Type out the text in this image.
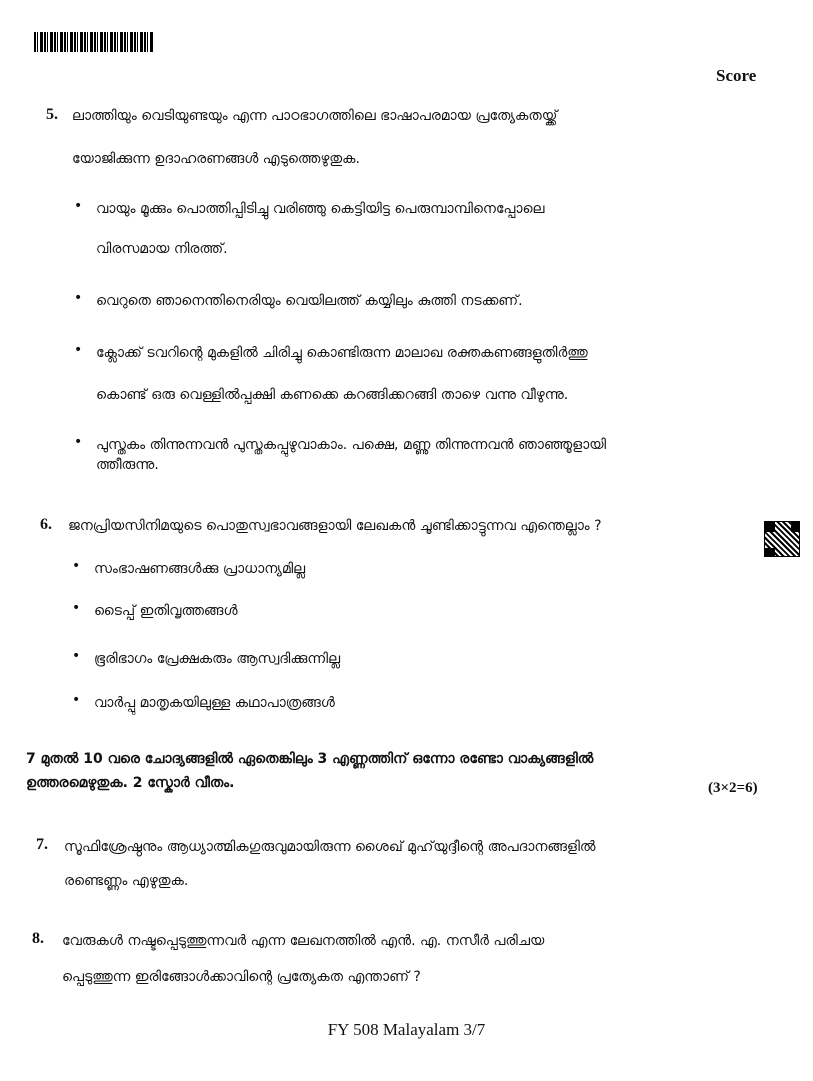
Score
5. ലാത്തിയും വെടിയുണ്ടയും എന്ന പാഠഭാഗത്തിലെ ഭാഷാപരമായ പ്രത്യേകതയ്ക്ക്
യോജിക്കുന്ന ഉദാഹരണങ്ങൾ എടുത്തെഴുതുക.
• വായും മൂക്കും പൊത്തിപ്പിടിച്ചു വരിഞ്ഞു കെട്ടിയിട്ട പെരുമ്പാമ്പിനെപ്പോലെ
വിരസമായ നിരത്ത്.
• വെറുതെ ഞാനെന്തിനെരിയും വെയിലത്ത് കയ്യിലും കുത്തി നടക്കണ്.
• ക്ലോക്ക് ടവറിന്റെ മുകളിൽ ചിരിച്ചു കൊണ്ടിരുന്ന മാലാഖ രക്തകണങ്ങളുതിർത്തു
കൊണ്ട് ഒരു വെള്ളിൽപ്പക്ഷി കണക്കെ കറങ്ങിക്കറങ്ങി താഴെ വന്നു വീഴുന്നു.
• പുസ്തകം തിന്നുന്നവൻ പുസ്തകപ്പുഴുവാകാം. പക്ഷെ, മണ്ണു തിന്നുന്നവൻ ഞാഞ്ഞൂളായി
ത്തീരുന്നു.
6. ജനപ്രിയസിനിമയുടെ പൊതുസ്വഭാവങ്ങളായി ലേഖകൻ ചൂണ്ടിക്കാട്ടുന്നവ എന്തെല്ലാം ?
• സംഭാഷണങ്ങൾക്കു പ്രാധാന്യമില്ല
• ടൈപ്പ് ഇതിവൃത്തങ്ങൾ
• ഭൂരിഭാഗം പ്രേക്ഷകരും ആസ്വദിക്കുന്നില്ല
• വാർപ്പു മാതൃകയിലുള്ള കഥാപാത്രങ്ങൾ
7 മുതൽ 10 വരെ ചോദ്യങ്ങളിൽ ഏതെങ്കിലും 3 എണ്ണത്തിന് ഒന്നോ രണ്ടോ വാക്യങ്ങളിൽ
ഉത്തരമെഴുതുക. 2 സ്കോർ വീതം.	(3×2=6)
7. സൂഫിശ്രേഷ്ഠനും ആധ്യാത്മികഗുരുവുമായിരുന്ന ശൈഖ് മുഹ്‌യുദ്ദീന്റെ അപദാനങ്ങളിൽ
രണ്ടെണ്ണം എഴുതുക.
8. വേരുകൾ നഷ്ടപ്പെടുത്തുന്നവർ എന്ന ലേഖനത്തിൽ എൻ. എ. നസീർ പരിചയ
പ്പെടുത്തുന്ന ഇരിങ്ങോൾക്കാവിന്റെ പ്രത്യേകത എന്താണ് ?
FY 508 Malayalam 3/7
